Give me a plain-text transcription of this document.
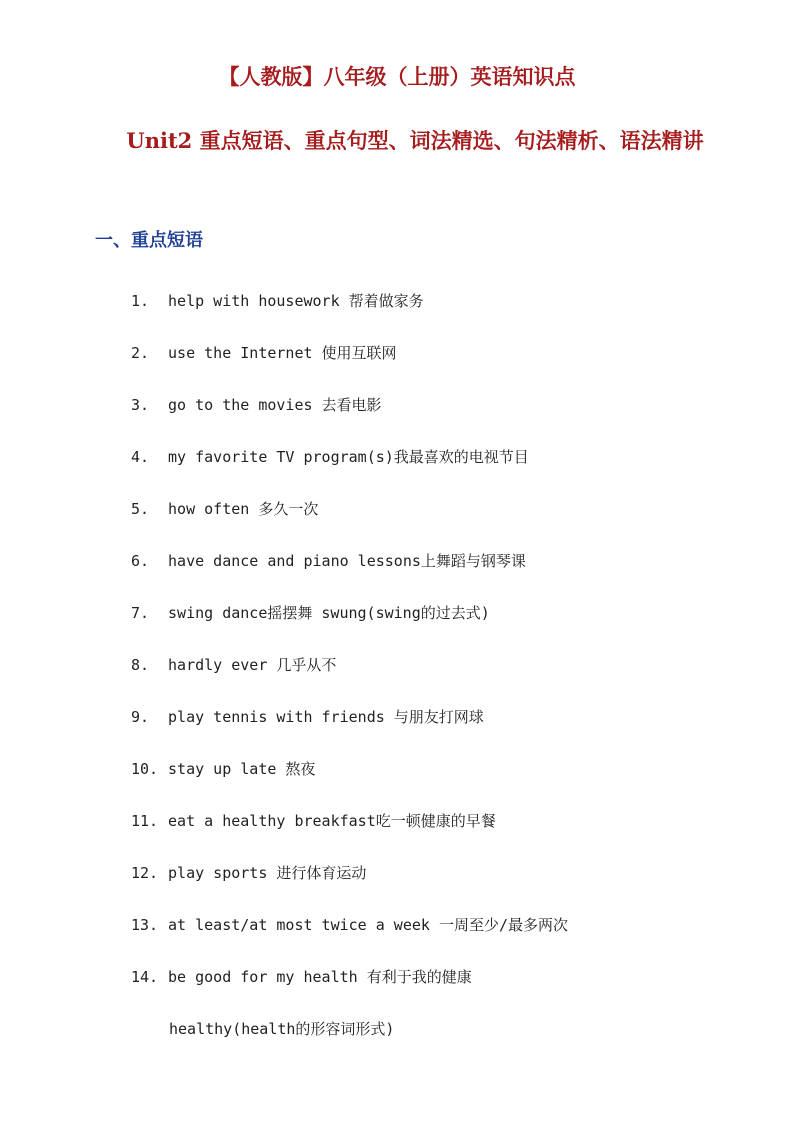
【人教版】八年级（上册）英语知识点
Unit2 重点短语、重点句型、词法精选、句法精析、语法精讲
一、重点短语
1. help with housework 帮着做家务
2. use the Internet 使用互联网
3. go to the movies 去看电影
4. my favorite TV program(s)我最喜欢的电视节目
5. how often 多久一次
6. have dance and piano lessons上舞蹈与钢琴课
7. swing dance摇摆舞 swung(swing的过去式)
8. hardly ever 几乎从不
9. play tennis with friends 与朋友打网球
10. stay up late 熬夜
11. eat a healthy breakfast吃一顿健康的早餐
12. play sports 进行体育运动
13. at least/at most twice a week 一周至少/最多两次
14. be good for my health 有利于我的健康
healthy(health的形容词形式)
